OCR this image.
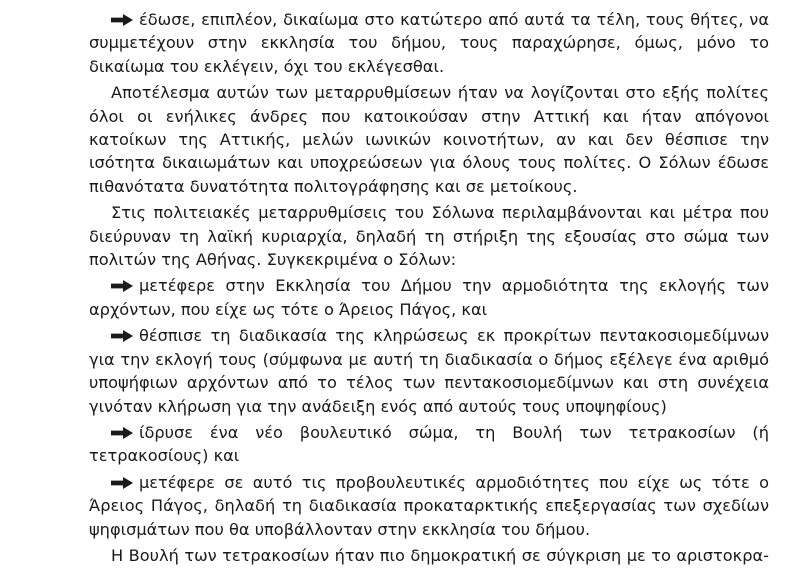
έδωσε, επιπλέον, δικαίωμα στο κατώτερο από αυτά τα τέλη, τους θήτες, να συμμετέχουν στην εκκλησία του δήμου, τους παραχώρησε, όμως, μόνο το δικαίωμα του εκλέγειν, όχι του εκλέγεσθαι.

Αποτέλεσμα αυτών των μεταρρυθμίσεων ήταν να λογίζονται στο εξής πολίτες όλοι οι ενήλικες άνδρες που κατοικούσαν στην Αττική και ήταν απόγονοι κατοίκων της Αττικής, μελών ιωνικών κοινοτήτων, αν και δεν θέσπισε την ισότητα δικαιωμάτων και υποχρεώσεων για όλους τους πολίτες. Ο Σόλων έδωσε πιθανότατα δυνατότητα πολιτογράφησης και σε μετοίκους.

Στις πολιτειακές μεταρρυθμίσεις του Σόλωνα περιλαμβάνονται και μέτρα που διεύρυναν τη λαϊκή κυριαρχία, δηλαδή τη στήριξη της εξουσίας στο σώμα των πολιτών της Αθήνας. Συγκεκριμένα ο Σόλων:

μετέφερε στην Εκκλησία του Δήμου την αρμοδιότητα της εκλογής των αρχόντων, που είχε ως τότε ο Άρειος Πάγος, και

θέσπισε τη διαδικασία της κληρώσεως εκ προκρίτων πεντακοσιομεδίμνων για την εκλογή τους (σύμφωνα με αυτή τη διαδικασία ο δήμος εξέλεγε ένα αριθμό υποψήφιων αρχόντων από το τέλος των πεντακοσιομεδίμνων και στη συνέχεια γινόταν κλήρωση για την ανάδειξη ενός από αυτούς τους υποψηφίους)

ίδρυσε ένα νέο βουλευτικό σώμα, τη Βουλή των τετρακοσίων (ή τετρακοσίους) και

μετέφερε σε αυτό τις προβουλευτικές αρμοδιότητες που είχε ως τότε ο Άρειος Πάγος, δηλαδή τη διαδικασία προκαταρκτικής επεξεργασίας των σχεδίων ψηφισμάτων που θα υποβάλλονταν στην εκκλησία του δήμου.

Η Βουλή των τετρακοσίων ήταν πιο δημοκρατική σε σύγκριση με το αριστοκρα-
